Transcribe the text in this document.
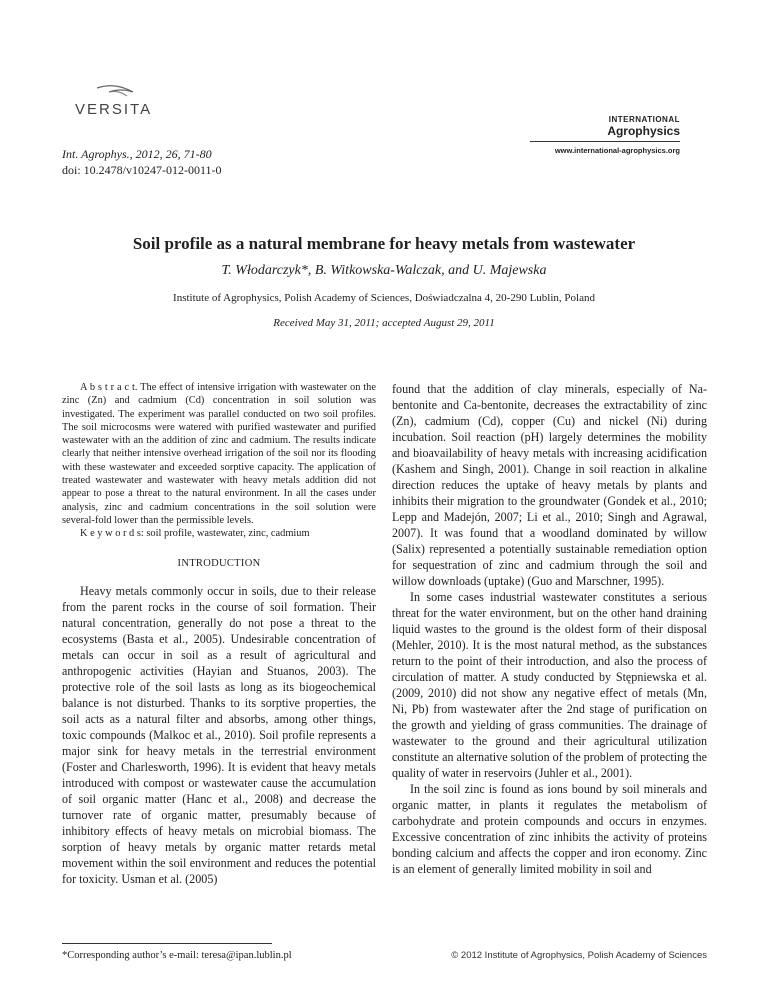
VERSITA
INTERNATIONAL
Agrophysics
www.international-agrophysics.org
Int. Agrophys., 2012, 26, 71-80
doi: 10.2478/v10247-012-0011-0
Soil profile as a natural membrane for heavy metals from wastewater
T. Włodarczyk*, B. Witkowska-Walczak, and U. Majewska
Institute of Agrophysics, Polish Academy of Sciences, Doświadczalna 4, 20-290 Lublin, Poland
Received May 31, 2011; accepted August 29, 2011

A b s t r a c t. The effect of intensive irrigation with wastewater on the zinc (Zn) and cadmium (Cd) concentration in soil solution was investigated. The experiment was parallel conducted on two soil profiles. The soil microcosms were watered with purified wastewater and purified wastewater with an the addition of zinc and cadmium. The results indicate clearly that neither intensive overhead irrigation of the soil nor its flooding with these wastewater and exceeded sorptive capacity. The application of treated wastewater and wastewater with heavy metals addition did not appear to pose a threat to the natural environment. In all the cases under analysis, zinc and cadmium concentrations in the soil solution were several-fold lower than the permissible levels.

K e y w o r d s: soil profile, wastewater, zinc, cadmium

INTRODUCTION

Heavy metals commonly occur in soils, due to their release from the parent rocks in the course of soil formation. Their natural concentration, generally do not pose a threat to the ecosystems (Basta et al., 2005). Undesirable concentration of metals can occur in soil as a result of agricultural and anthropogenic activities (Hayian and Stuanos, 2003). The protective role of the soil lasts as long as its biogeochemical balance is not disturbed. Thanks to its sorptive properties, the soil acts as a natural filter and absorbs, among other things, toxic compounds (Malkoc et al., 2010). Soil profile represents a major sink for heavy metals in the terrestrial environment (Foster and Charlesworth, 1996). It is evident that heavy metals introduced with compost or wastewater cause the accumulation of soil organic matter (Hanc et al., 2008) and decrease the turnover rate of organic matter, presumably because of inhibitory effects of heavy metals on microbial biomass. The sorption of heavy metals by organic matter retards metal movement within the soil environment and reduces the potential for toxicity. Usman et al. (2005)

found that the addition of clay minerals, especially of Na-bentonite and Ca-bentonite, decreases the extractability of zinc (Zn), cadmium (Cd), copper (Cu) and nickel (Ni) during incubation. Soil reaction (pH) largely determines the mobility and bioavailability of heavy metals with increasing acidification (Kashem and Singh, 2001). Change in soil reaction in alkaline direction reduces the uptake of heavy metals by plants and inhibits their migration to the groundwater (Gondek et al., 2010; Lepp and Madejón, 2007; Li et al., 2010; Singh and Agrawal, 2007). It was found that a woodland dominated by willow (Salix) represented a potentially sustainable remediation option for sequestration of zinc and cadmium through the soil and willow downloads (uptake) (Guo and Marschner, 1995).

In some cases industrial wastewater constitutes a serious threat for the water environment, but on the other hand draining liquid wastes to the ground is the oldest form of their disposal (Mehler, 2010). It is the most natural method, as the substances return to the point of their introduction, and also the process of circulation of matter. A study conducted by Stępniewska et al. (2009, 2010) did not show any negative effect of metals (Mn, Ni, Pb) from wastewater after the 2nd stage of purification on the growth and yielding of grass communities. The drainage of wastewater to the ground and their agricultural utilization constitute an alternative solution of the problem of protecting the quality of water in reservoirs (Juhler et al., 2001).

In the soil zinc is found as ions bound by soil minerals and organic matter, in plants it regulates the metabolism of carbohydrate and protein compounds and occurs in enzymes. Excessive concentration of zinc inhibits the activity of proteins bonding calcium and affects the copper and iron economy. Zinc is an element of generally limited mobility in soil and

*Corresponding author’s e-mail: teresa@ipan.lublin.pl	© 2012 Institute of Agrophysics, Polish Academy of Sciences
